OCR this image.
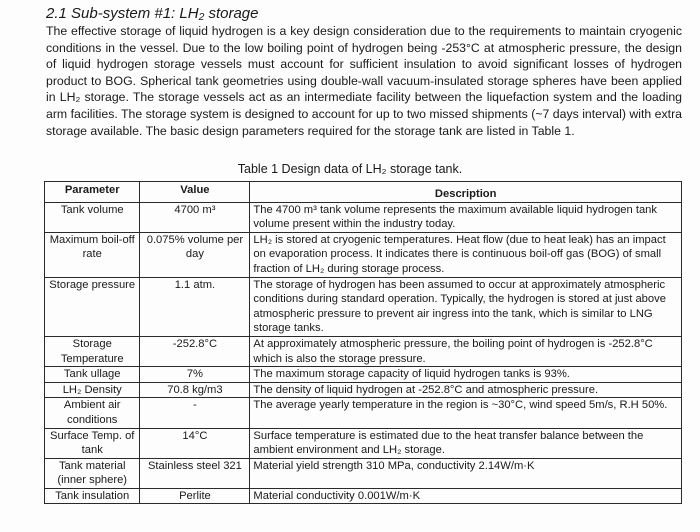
2.1 Sub-system #1: LH₂ storage
The effective storage of liquid hydrogen is a key design consideration due to the requirements to maintain cryogenic conditions in the vessel. Due to the low boiling point of hydrogen being -253°C at atmospheric pressure, the design of liquid hydrogen storage vessels must account for sufficient insulation to avoid significant losses of hydrogen product to BOG. Spherical tank geometries using double-wall vacuum-insulated storage spheres have been applied in LH₂ storage. The storage vessels act as an intermediate facility between the liquefaction system and the loading arm facilities. The storage system is designed to account for up to two missed shipments (~7 days interval) with extra storage available. The basic design parameters required for the storage tank are listed in Table 1.
Table 1 Design data of LH₂ storage tank.
Parameter	Value	Description
Tank volume	4700 m³	The 4700 m³ tank volume represents the maximum available liquid hydrogen tank volume present within the industry today.
Maximum boil-off rate	0.075% volume per day	LH₂ is stored at cryogenic temperatures. Heat flow (due to heat leak) has an impact on evaporation process. It indicates there is continuous boil-off gas (BOG) of small fraction of LH₂ during storage process.
Storage pressure	1.1 atm.	The storage of hydrogen has been assumed to occur at approximately atmospheric conditions during standard operation. Typically, the hydrogen is stored at just above atmospheric pressure to prevent air ingress into the tank, which is similar to LNG storage tanks.
Storage Temperature	-252.8°C	At approximately atmospheric pressure, the boiling point of hydrogen is -252.8°C which is also the storage pressure.
Tank ullage	7%	The maximum storage capacity of liquid hydrogen tanks is 93%.
LH₂ Density	70.8 kg/m3	The density of liquid hydrogen at -252.8°C and atmospheric pressure.
Ambient air conditions	-	The average yearly temperature in the region is ~30°C, wind speed 5m/s, R.H 50%.
Surface Temp. of tank	14°C	Surface temperature is estimated due to the heat transfer balance between the ambient environment and LH₂ storage.
Tank material (inner sphere)	Stainless steel 321	Material yield strength 310 MPa, conductivity 2.14W/m·K
Tank insulation	Perlite	Material conductivity 0.001W/m·K
